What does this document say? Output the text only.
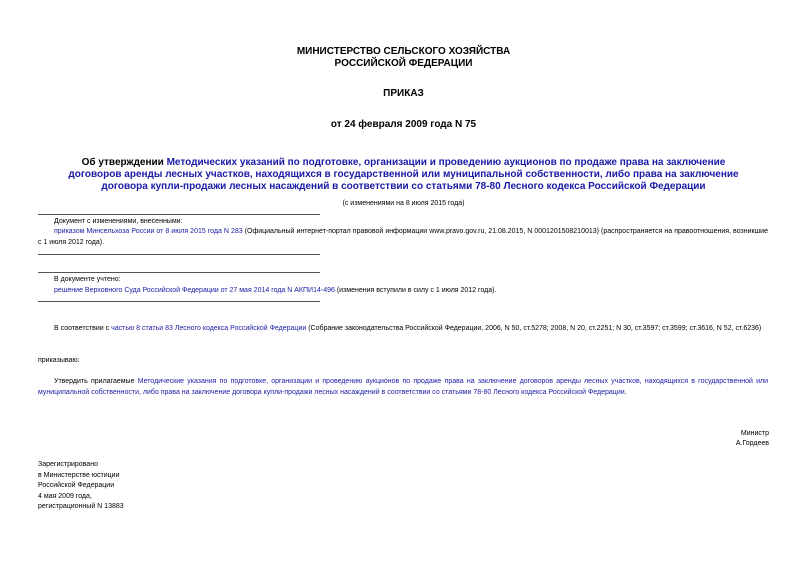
МИНИСТЕРСТВО СЕЛЬСКОГО ХОЗЯЙСТВА
РОССИЙСКОЙ ФЕДЕРАЦИИ
ПРИКАЗ
от 24 февраля 2009 года N 75
Об утверждении Методических указаний по подготовке, организации и проведению аукционов по продаже права на заключение договоров аренды лесных участков, находящихся в государственной или муниципальной собственности, либо права на заключение договора купли-продажи лесных насаждений в соответствии со статьями 78-80 Лесного кодекса Российской Федерации
(с изменениями на 8 июля 2015 года)
Документ с изменениями, внесенными:
приказом Минсельхоза России от 8 июля 2015 года N 283 (Официальный интернет-портал правовой информации www.pravo.gov.ru, 21.08.2015, N 0001201508210013) (распространяется на правоотношения, возникшие с 1 июля 2012 года).
В документе учтено:
решение Верховного Суда Российской Федерации от 27 мая 2014 года N АКПИ14-496 (изменения вступили в силу с 1 июля 2012 года).
В соответствии с частью 8 статьи 83 Лесного кодекса Российской Федерации (Собрание законодательства Российской Федерации, 2006, N 50, ст.5278; 2008, N 20, ст.2251; N 30, ст.3597; ст.3599; ст.3616, N 52, ст.6236)
приказываю:
Утвердить прилагаемые Методические указания по подготовке, организации и проведению аукционов по продаже права на заключение договоров аренды лесных участков, находящихся в государственной или муниципальной собственности, либо права на заключение договора купли-продажи лесных насаждений в соответствии со статьями 78-80 Лесного кодекса Российской Федерации.
Министр
А.Гордеев
Зарегистрировано
в Министерстве юстиции
Российской Федерации
4 мая 2009 года,
регистрационный N 13883
